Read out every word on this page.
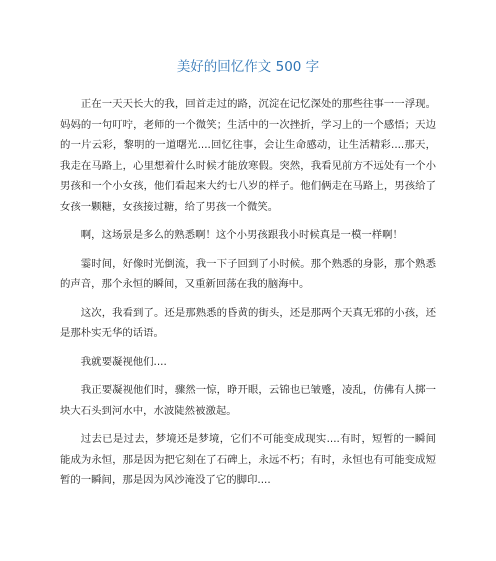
美好的回忆作文 500 字

正在一天天长大的我，回首走过的路，沉淀在记忆深处的那些往事一一浮现。妈妈的一句叮咛，老师的一个微笑；生活中的一次挫折，学习上的一个感悟；天边的一片云彩，黎明的一道曙光....回忆往事，会让生命感动，让生活精彩....那天，我走在马路上，心里想着什么时候才能放寒假。突然，我看见前方不远处有一个小男孩和一个小女孩，他们看起来大约七八岁的样子。他们俩走在马路上，男孩给了女孩一颗糖，女孩接过糖，给了男孩一个微笑。

啊，这场景是多么的熟悉啊！这个小男孩跟我小时候真是一模一样啊！

霎时间，好像时光倒流，我一下子回到了小时候。那个熟悉的身影，那个熟悉的声音，那个永恒的瞬间，又重新回荡在我的脑海中。

这次，我看到了。还是那熟悉的昏黄的街头，还是那两个天真无邪的小孩，还是那朴实无华的话语。

我就要凝视他们....

我正要凝视他们时，骤然一惊，睁开眼，云锦也已皱蹙，凌乱，仿佛有人掷一块大石头到河水中，水波陡然被激起。

过去已是过去，梦境还是梦境，它们不可能变成现实....有时，短暂的一瞬间能成为永恒，那是因为把它刻在了石碑上，永远不朽；有时，永恒也有可能变成短暂的一瞬间，那是因为风沙淹没了它的脚印....
